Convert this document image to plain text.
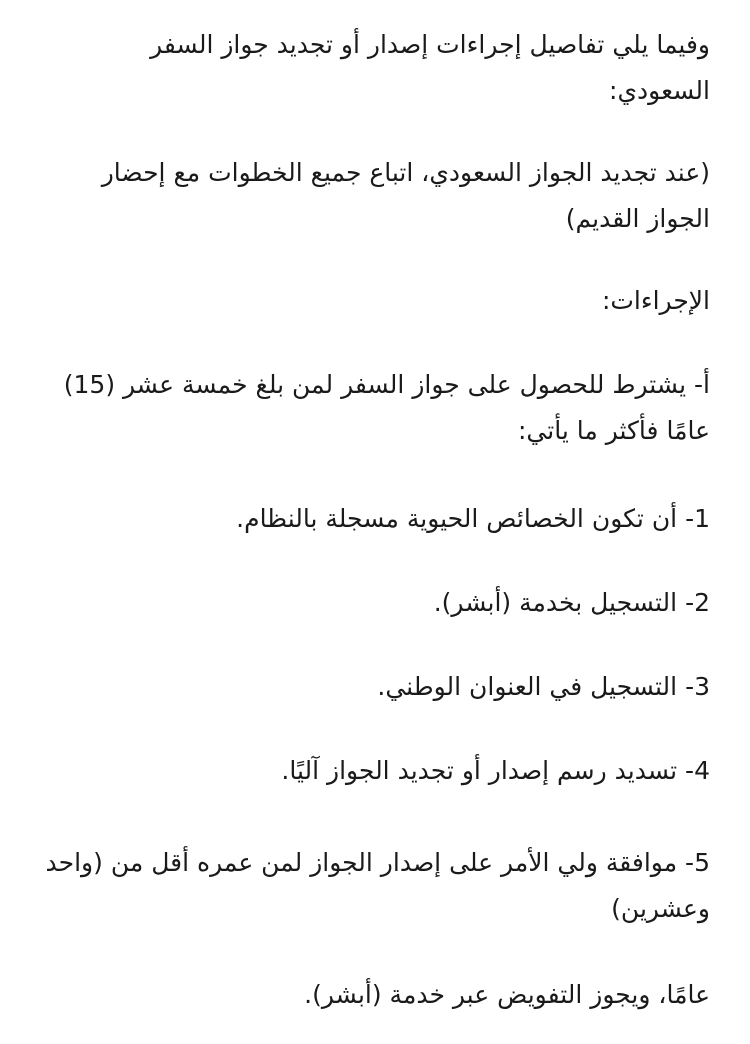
وفيما يلي تفاصيل إجراءات إصدار أو تجديد جواز السفر
السعودي:

(عند تجديد الجواز السعودي، اتباع جميع الخطوات مع إحضار
الجواز القديم)

الإجراءات:

أ- يشترط للحصول على جواز السفر لمن بلغ خمسة عشر (15)
عامًا فأكثر ما يأتي:

1- أن تكون الخصائص الحيوية مسجلة بالنظام.

2- التسجيل بخدمة (أبشر).

3- التسجيل في العنوان الوطني.

4- تسديد رسم إصدار أو تجديد الجواز آليًا.

5- موافقة ولي الأمر على إصدار الجواز لمن عمره أقل من (واحد
وعشرين)

عامًا، ويجوز التفويض عبر خدمة (أبشر).
